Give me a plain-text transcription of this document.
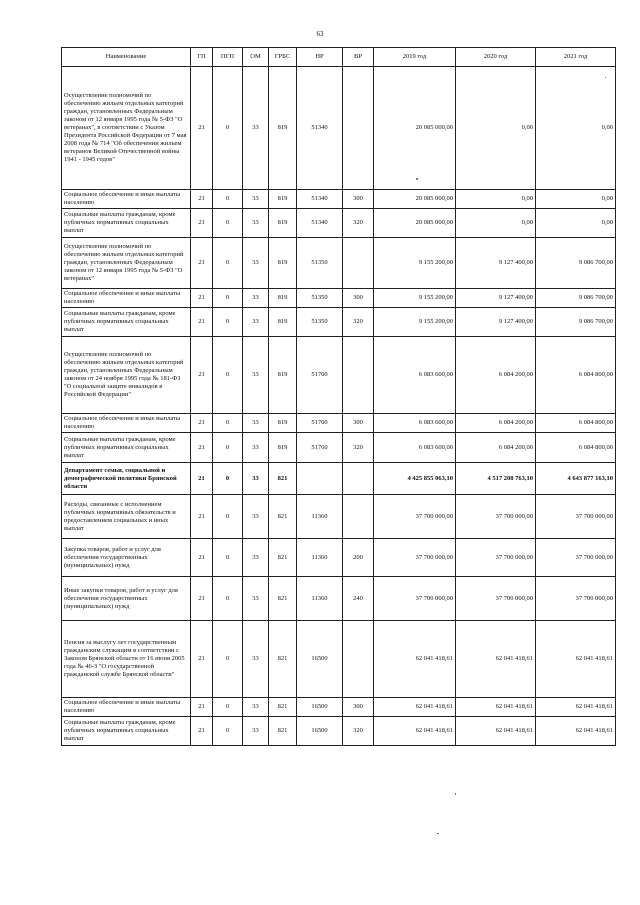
63
Наименование	ГП	ПГП	ОМ	ГРБС	НР	ВР	2019 год	2020 год	2021 год
Осуществление полномочий по обеспечению жильем отдельных категорий граждан, установленных Федеральным законом от 12 января 1995 года № 5-ФЗ "О ветеранах", в соответствии с Указом Президента Российской Федерации от 7 мая 2008 года № 714 "Об обеспечении жильем ветеранов Великой Отечественной войны 1941 - 1945 годов"	21	0	33	819	51340		20 085 000,00	0,00	0,00
Социальное обеспечение и иные выплаты населению	21	0	33	819	51340	300	20 085 000,00	0,00	0,00
Социальные выплаты гражданам, кроме публичных нормативных социальных выплат	21	0	33	819	51340	320	20 085 000,00	0,00	0,00
Осуществление полномочий по обеспечению жильем отдельных категорий граждан, установленных Федеральным законом от 12 января 1995 года № 5-ФЗ "О ветеранах"	21	0	33	819	51350		9 155 200,00	9 127 400,00	9 086 700,00
Социальное обеспечение и иные выплаты населению	21	0	33	819	51350	300	9 155 200,00	9 127 400,00	9 086 700,00
Социальные выплаты гражданам, кроме публичных нормативных социальных выплат	21	0	33	819	51350	320	9 155 200,00	9 127 400,00	9 086 700,00
Осуществление полномочий по обеспечению жильем отдельных категорий граждан, установленных Федеральным законом от 24 ноября 1995 года № 181-ФЗ "О социальной защите инвалидов в Российской Федерации"	21	0	33	819	51760		6 083 600,00	6 084 200,00	6 084 800,00
Социальное обеспечение и иные выплаты населению	21	0	33	819	51760	300	6 083 600,00	6 084 200,00	6 084 800,00
Социальные выплаты гражданам, кроме публичных нормативных социальных выплат	21	0	33	819	51760	320	6 083 600,00	6 084 200,00	6 084 800,00
Департамент семьи, социальной и демографической политики Брянской области	21	0	33	821			4 425 855 063,10	4 517 208 763,10	4 643 877 163,10
Расходы, связанные с исполнением публичных нормативных обязательств и предоставлением социальных и иных выплат	21	0	33	821	11360		37 700 000,00	37 700 000,00	37 700 000,00
Закупка товаров, работ и услуг для обеспечения государственных (муниципальных) нужд	21	0	33	821	11360	200	37 700 000,00	37 700 000,00	37 700 000,00
Иные закупки товаров, работ и услуг для обеспечения государственных (муниципальных) нужд	21	0	33	821	11360	240	37 700 000,00	37 700 000,00	37 700 000,00
Пенсия за выслугу лет государственным гражданским служащим в соответствии с Законом Брянской области от 16 июня 2005 года № 46-З "О государственной гражданской службе Брянской области"	21	0	33	821	16500		62 041 418,61	62 041 418,61	62 041 418,61
Социальное обеспечение и иные выплаты населению	21	0	33	821	16500	300	62 041 418,61	62 041 418,61	62 041 418,61
Социальные выплаты гражданам, кроме публичных нормативных социальных выплат	21	0	33	821	16500	320	62 041 418,61	62 041 418,61	62 041 418,61
